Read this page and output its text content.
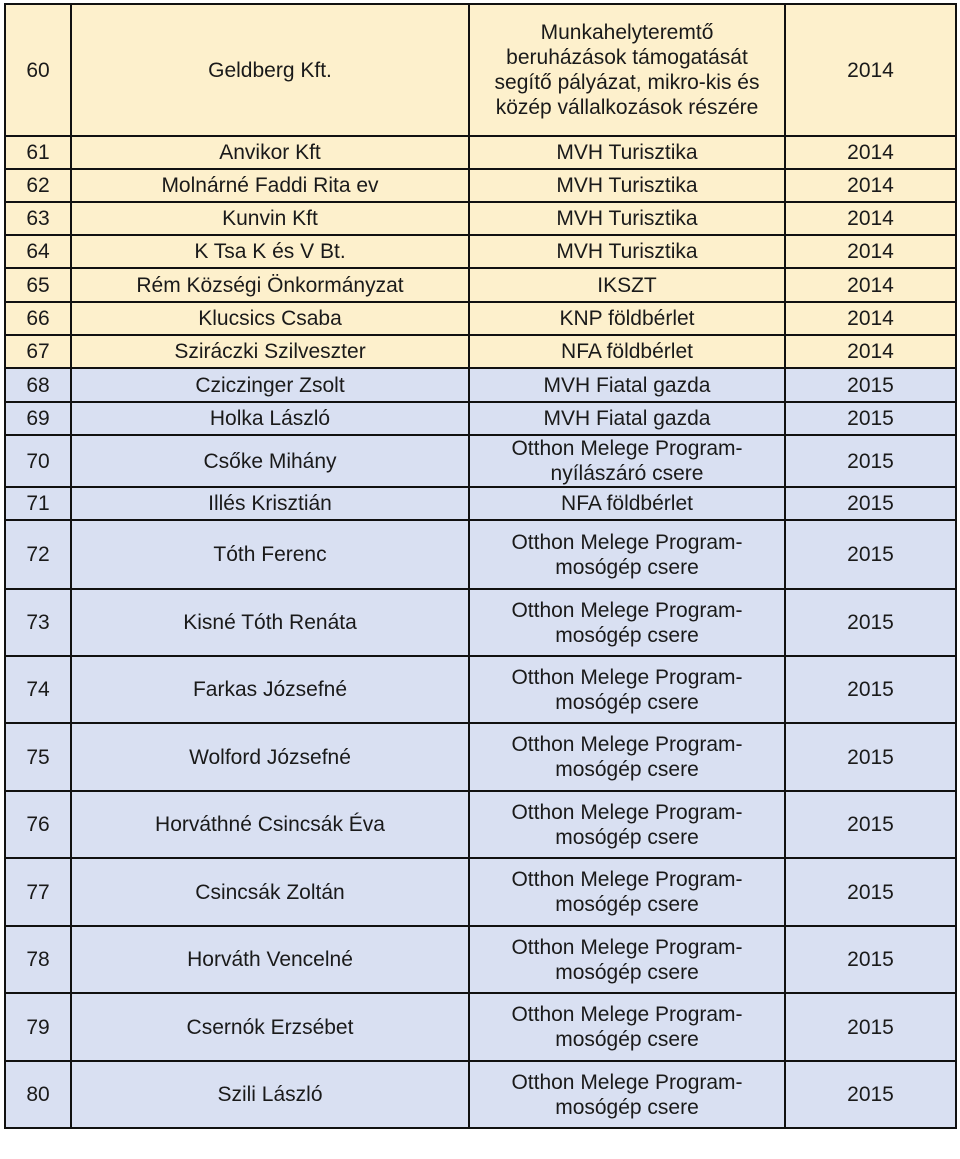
60	Geldberg Kft.	Munkahelyteremtő
beruházások támogatását
segítő pályázat, mikro-kis és
közép vállalkozások részére	2014
61	Anvikor Kft	MVH Turisztika	2014
62	Molnárné Faddi Rita ev	MVH Turisztika	2014
63	Kunvin Kft	MVH Turisztika	2014
64	K Tsa K és V Bt.	MVH Turisztika	2014
65	Rém Községi Önkormányzat	IKSZT	2014
66	Klucsics Csaba	KNP földbérlet	2014
67	Sziráczki Szilveszter	NFA földbérlet	2014
68	Cziczinger Zsolt	MVH Fiatal gazda	2015
69	Holka László	MVH Fiatal gazda	2015
70	Csőke Mihány	Otthon Melege Program-
nyílászáró csere	2015
71	Illés Krisztián	NFA földbérlet	2015
72	Tóth Ferenc	Otthon Melege Program-
mosógép csere	2015
73	Kisné Tóth Renáta	Otthon Melege Program-
mosógép csere	2015
74	Farkas Józsefné	Otthon Melege Program-
mosógép csere	2015
75	Wolford Józsefné	Otthon Melege Program-
mosógép csere	2015
76	Horváthné Csincsák Éva	Otthon Melege Program-
mosógép csere	2015
77	Csincsák Zoltán	Otthon Melege Program-
mosógép csere	2015
78	Horváth Vencelné	Otthon Melege Program-
mosógép csere	2015
79	Csernók Erzsébet	Otthon Melege Program-
mosógép csere	2015
80	Szili László	Otthon Melege Program-
mosógép csere	2015
